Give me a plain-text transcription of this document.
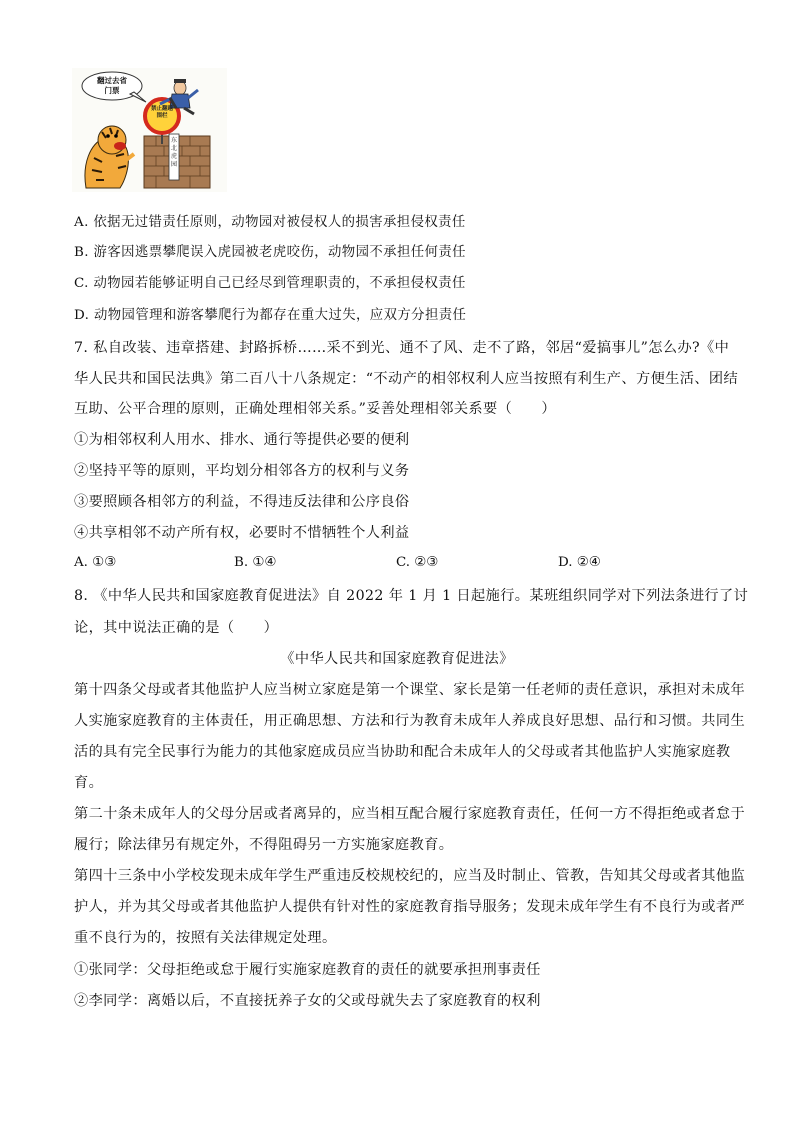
翻过去省门票
禁止翻越围栏
东北虎园
A. 依据无过错责任原则，动物园对被侵权人的损害承担侵权责任
B. 游客因逃票攀爬误入虎园被老虎咬伤，动物园不承担任何责任
C. 动物园若能够证明自己已经尽到管理职责的，不承担侵权责任
D. 动物园管理和游客攀爬行为都存在重大过失，应双方分担责任
7. 私自改装、违章搭建、封路拆桥……采不到光、通不了风、走不了路，邻居“爱搞事儿”怎么办?《中
华人民共和国民法典》第二百八十八条规定：“不动产的相邻权利人应当按照有利生产、方便生活、团结
互助、公平合理的原则，正确处理相邻关系。”妥善处理相邻关系要（　　）
①为相邻权利人用水、排水、通行等提供必要的便利
②坚持平等的原则，平均划分相邻各方的权利与义务
③要照顾各相邻方的利益，不得违反法律和公序良俗
④共享相邻不动产所有权，必要时不惜牺牲个人利益
A. ①③	B. ①④	C. ②③	D. ②④
8. 《中华人民共和国家庭教育促进法》自 2022 年 1 月 1 日起施行。某班组织同学对下列法条进行了讨
论，其中说法正确的是（　　）
《中华人民共和国家庭教育促进法》
第十四条父母或者其他监护人应当树立家庭是第一个课堂、家长是第一任老师的责任意识，承担对未成年
人实施家庭教育的主体责任，用正确思想、方法和行为教育未成年人养成良好思想、品行和习惯。共同生
活的具有完全民事行为能力的其他家庭成员应当协助和配合未成年人的父母或者其他监护人实施家庭教
育。
第二十条未成年人的父母分居或者离异的，应当相互配合履行家庭教育责任，任何一方不得拒绝或者怠于
履行；除法律另有规定外，不得阻碍另一方实施家庭教育。
第四十三条中小学校发现未成年学生严重违反校规校纪的，应当及时制止、管教，告知其父母或者其他监
护人，并为其父母或者其他监护人提供有针对性的家庭教育指导服务；发现未成年学生有不良行为或者严
重不良行为的，按照有关法律规定处理。
①张同学：父母拒绝或怠于履行实施家庭教育的责任的就要承担刑事责任
②李同学：离婚以后，不直接抚养子女的父或母就失去了家庭教育的权利
